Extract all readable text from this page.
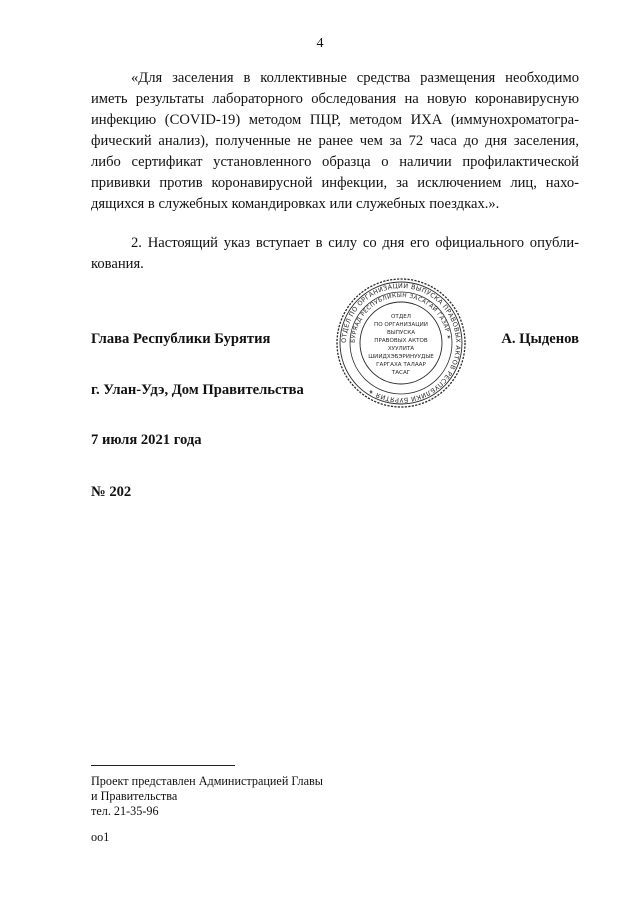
4
«Для заселения в коллективные средства размещения необходимо
иметь результаты лабораторного обследования на новую коронавирусную
инфекцию (COVID-19) методом ПЦР, методом ИХА (иммунохроматогра-
фический анализ), полученные не ранее чем за 72 часа до дня заселения,
либо сертификат установленного образца о наличии профилактической
прививки против коронавирусной инфекции, за исключением лиц, нахо-
дящихся в служебных командировках или служебных поездках.».
2. Настоящий указ вступает в силу со дня его официального опубли-
кования.
ОТДЕЛ ПО ОРГАНИЗАЦИИ ВЫПУСКА ПРАВОВЫХ АКТОВ РЕСПУБЛИКИ БУРЯТИЯ ✶
БУРЯАД РЕСПУБЛИКЫН ЗАСАГАЙ ГАЗАР ✶
ОТДЕЛ
ПО ОРГАНИЗАЦИИ
ВЫПУСКА
ПРАВОВЫХ АКТОВ
ХУУЛИТА
ШИИДХЭБЭРИНУУДЫЕ
ГАРГАХА ТАЛААР
ТАСАГ
Глава Республики Бурятия	А. Цыденов
г. Улан-Удэ, Дом Правительства
7 июля 2021 года
№ 202
Проект представлен Администрацией Главы
и Правительства
тел. 21-35-96
оо1
